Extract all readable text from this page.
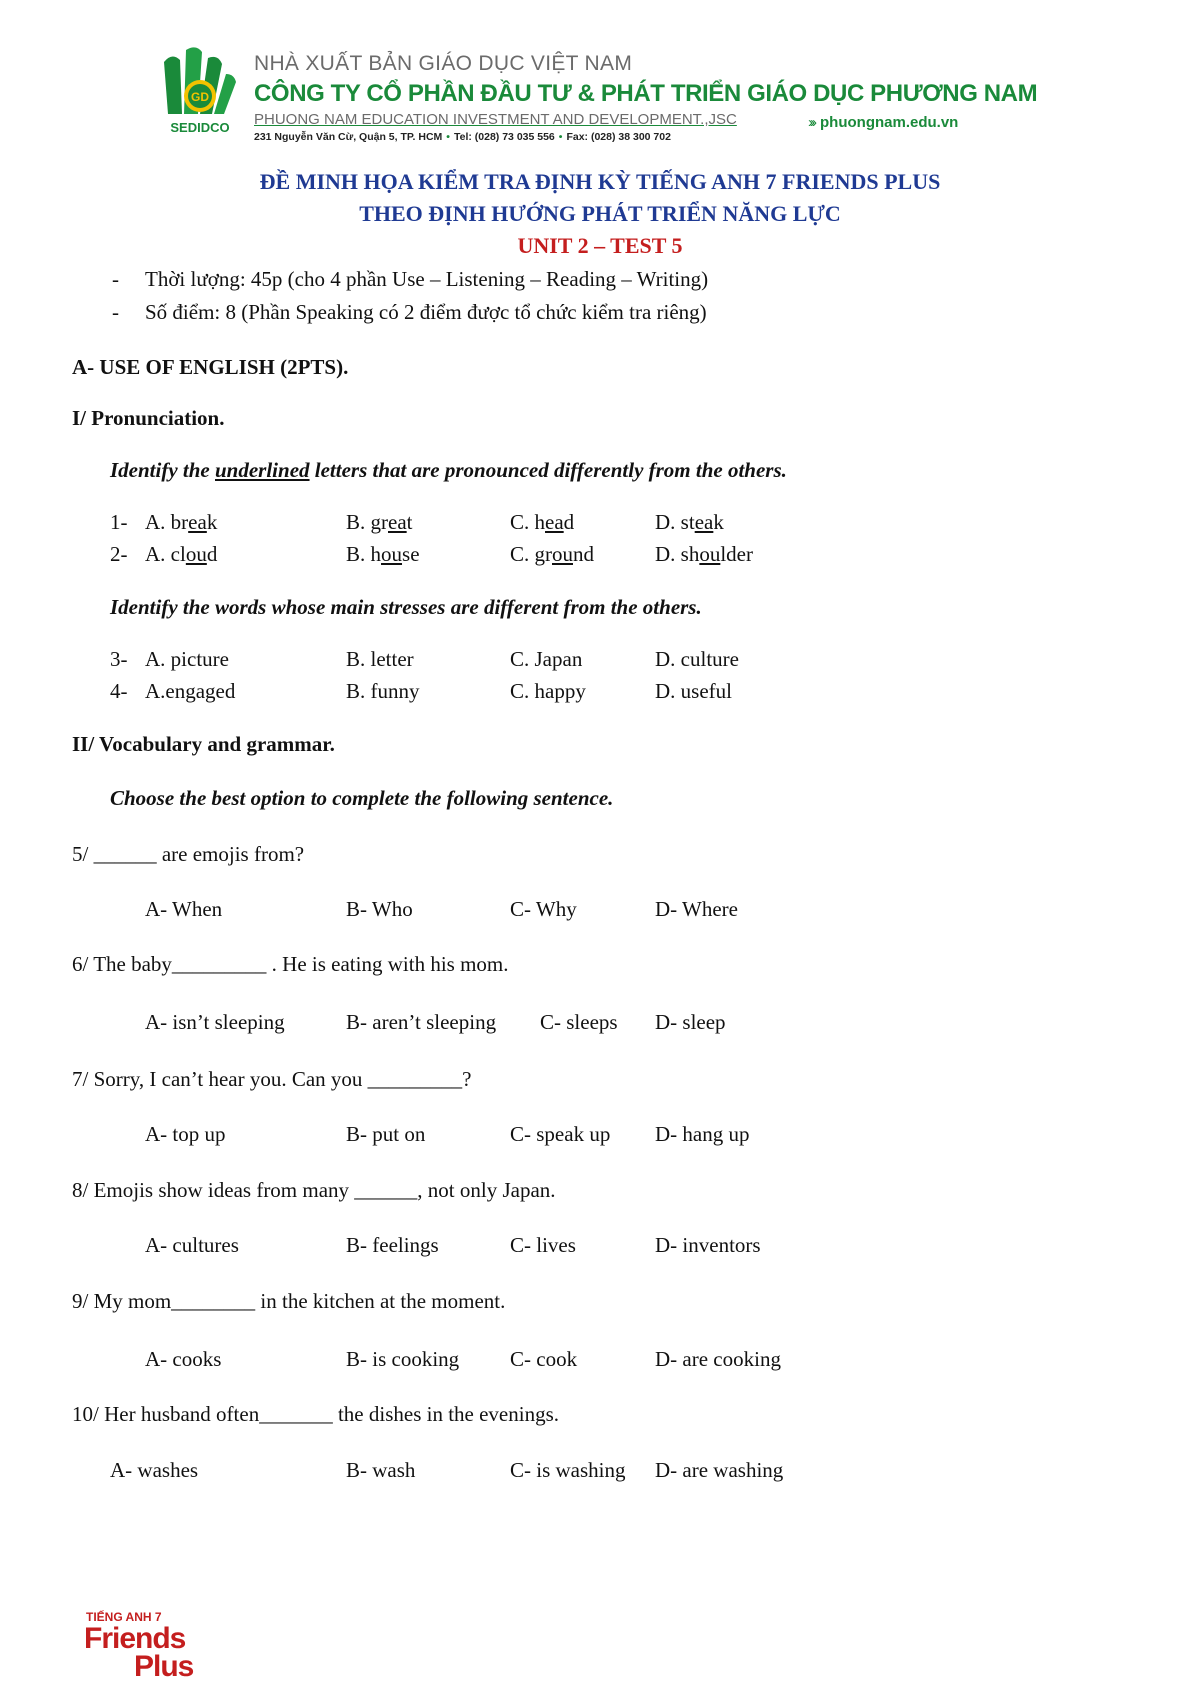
GD
SEDIDCO
NHÀ XUẤT BẢN GIÁO DỤC VIỆT NAM
CÔNG TY CỔ PHẦN ĐẦU TƯ & PHÁT TRIỂN GIÁO DỤC PHƯƠNG NAM
PHUONG NAM EDUCATION INVESTMENT AND DEVELOPMENT.,JSC
231 Nguyễn Văn Cừ, Quận 5, TP. HCM • Tel: (028) 73 035 556 • Fax: (028) 38 300 702
››› phuongnam.edu.vn
ĐỀ MINH HỌA KIỂM TRA ĐỊNH KỲ TIẾNG ANH 7 FRIENDS PLUS
THEO ĐỊNH HƯỚNG PHÁT TRIỂN NĂNG LỰC
UNIT 2 – TEST 5
- Thời lượng: 45p (cho 4 phần Use – Listening – Reading – Writing)
- Số điểm: 8 (Phần Speaking có 2 điểm được tổ chức kiểm tra riêng)
A- USE OF ENGLISH (2PTS).
I/ Pronunciation.
Identify the underlined letters that are pronounced differently from the others.
1- A. break	B. great	C. head	D. steak
2- A. cloud	B. house	C. ground	D. shoulder
Identify the words whose main stresses are different from the others.
3- A. picture	B. letter	C. Japan	D. culture
4- A.engaged	B. funny	C. happy	D. useful
II/ Vocabulary and grammar.
Choose the best option to complete the following sentence.
5/ ______ are emojis from?
A- When	B- Who	C- Why	D- Where
6/ The baby_________ . He is eating with his mom.
A- isn’t sleeping	B- aren’t sleeping C- sleeps D- sleep
7/ Sorry, I can’t hear you. Can you _________?
A- top up	B- put on	C- speak up D- hang up
8/ Emojis show ideas from many ______, not only Japan.
A- cultures	B- feelings	C- lives	D- inventors
9/ My mom________ in the kitchen at the moment.
A- cooks	B- is cooking C- cook	D- are cooking
10/ Her husband often_______ the dishes in the evenings.
A- washes	B- wash	C- is washing D- are washing
TIẾNG ANH 7
Friends
Plus
